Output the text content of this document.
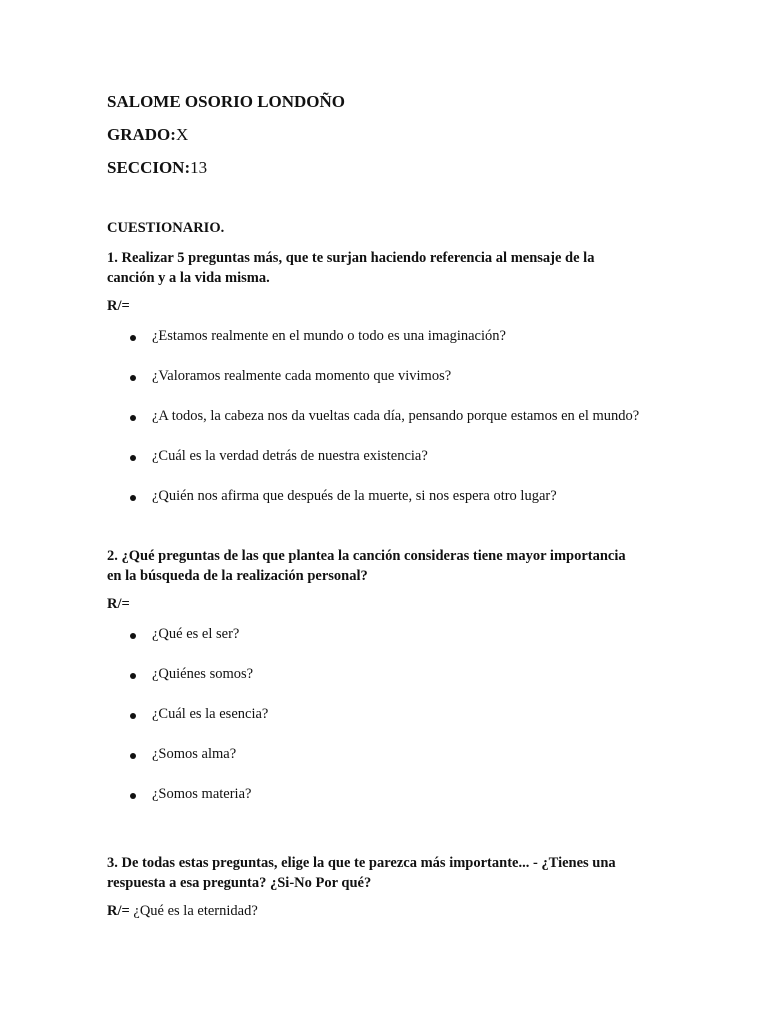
SALOME OSORIO LONDOÑO
GRADO:X
SECCION:13
CUESTIONARIO.
1. Realizar 5 preguntas más, que te surjan haciendo referencia al mensaje de la
canción y a la vida misma.
R/=
¿Estamos realmente en el mundo o todo es una imaginación?
¿Valoramos realmente cada momento que vivimos?
¿A todos, la cabeza nos da vueltas cada día, pensando porque estamos en el mundo?
¿Cuál es la verdad detrás de nuestra existencia?
¿Quién nos afirma que después de la muerte, si nos espera otro lugar?
2. ¿Qué preguntas de las que plantea la canción consideras tiene mayor importancia
en la búsqueda de la realización personal?
R/=
¿Qué es el ser?
¿Quiénes somos?
¿Cuál es la esencia?
¿Somos alma?
¿Somos materia?
3. De todas estas preguntas, elige la que te parezca más importante... - ¿Tienes una
respuesta a esa pregunta? ¿Si-No Por qué?
R/= ¿Qué es la eternidad?
